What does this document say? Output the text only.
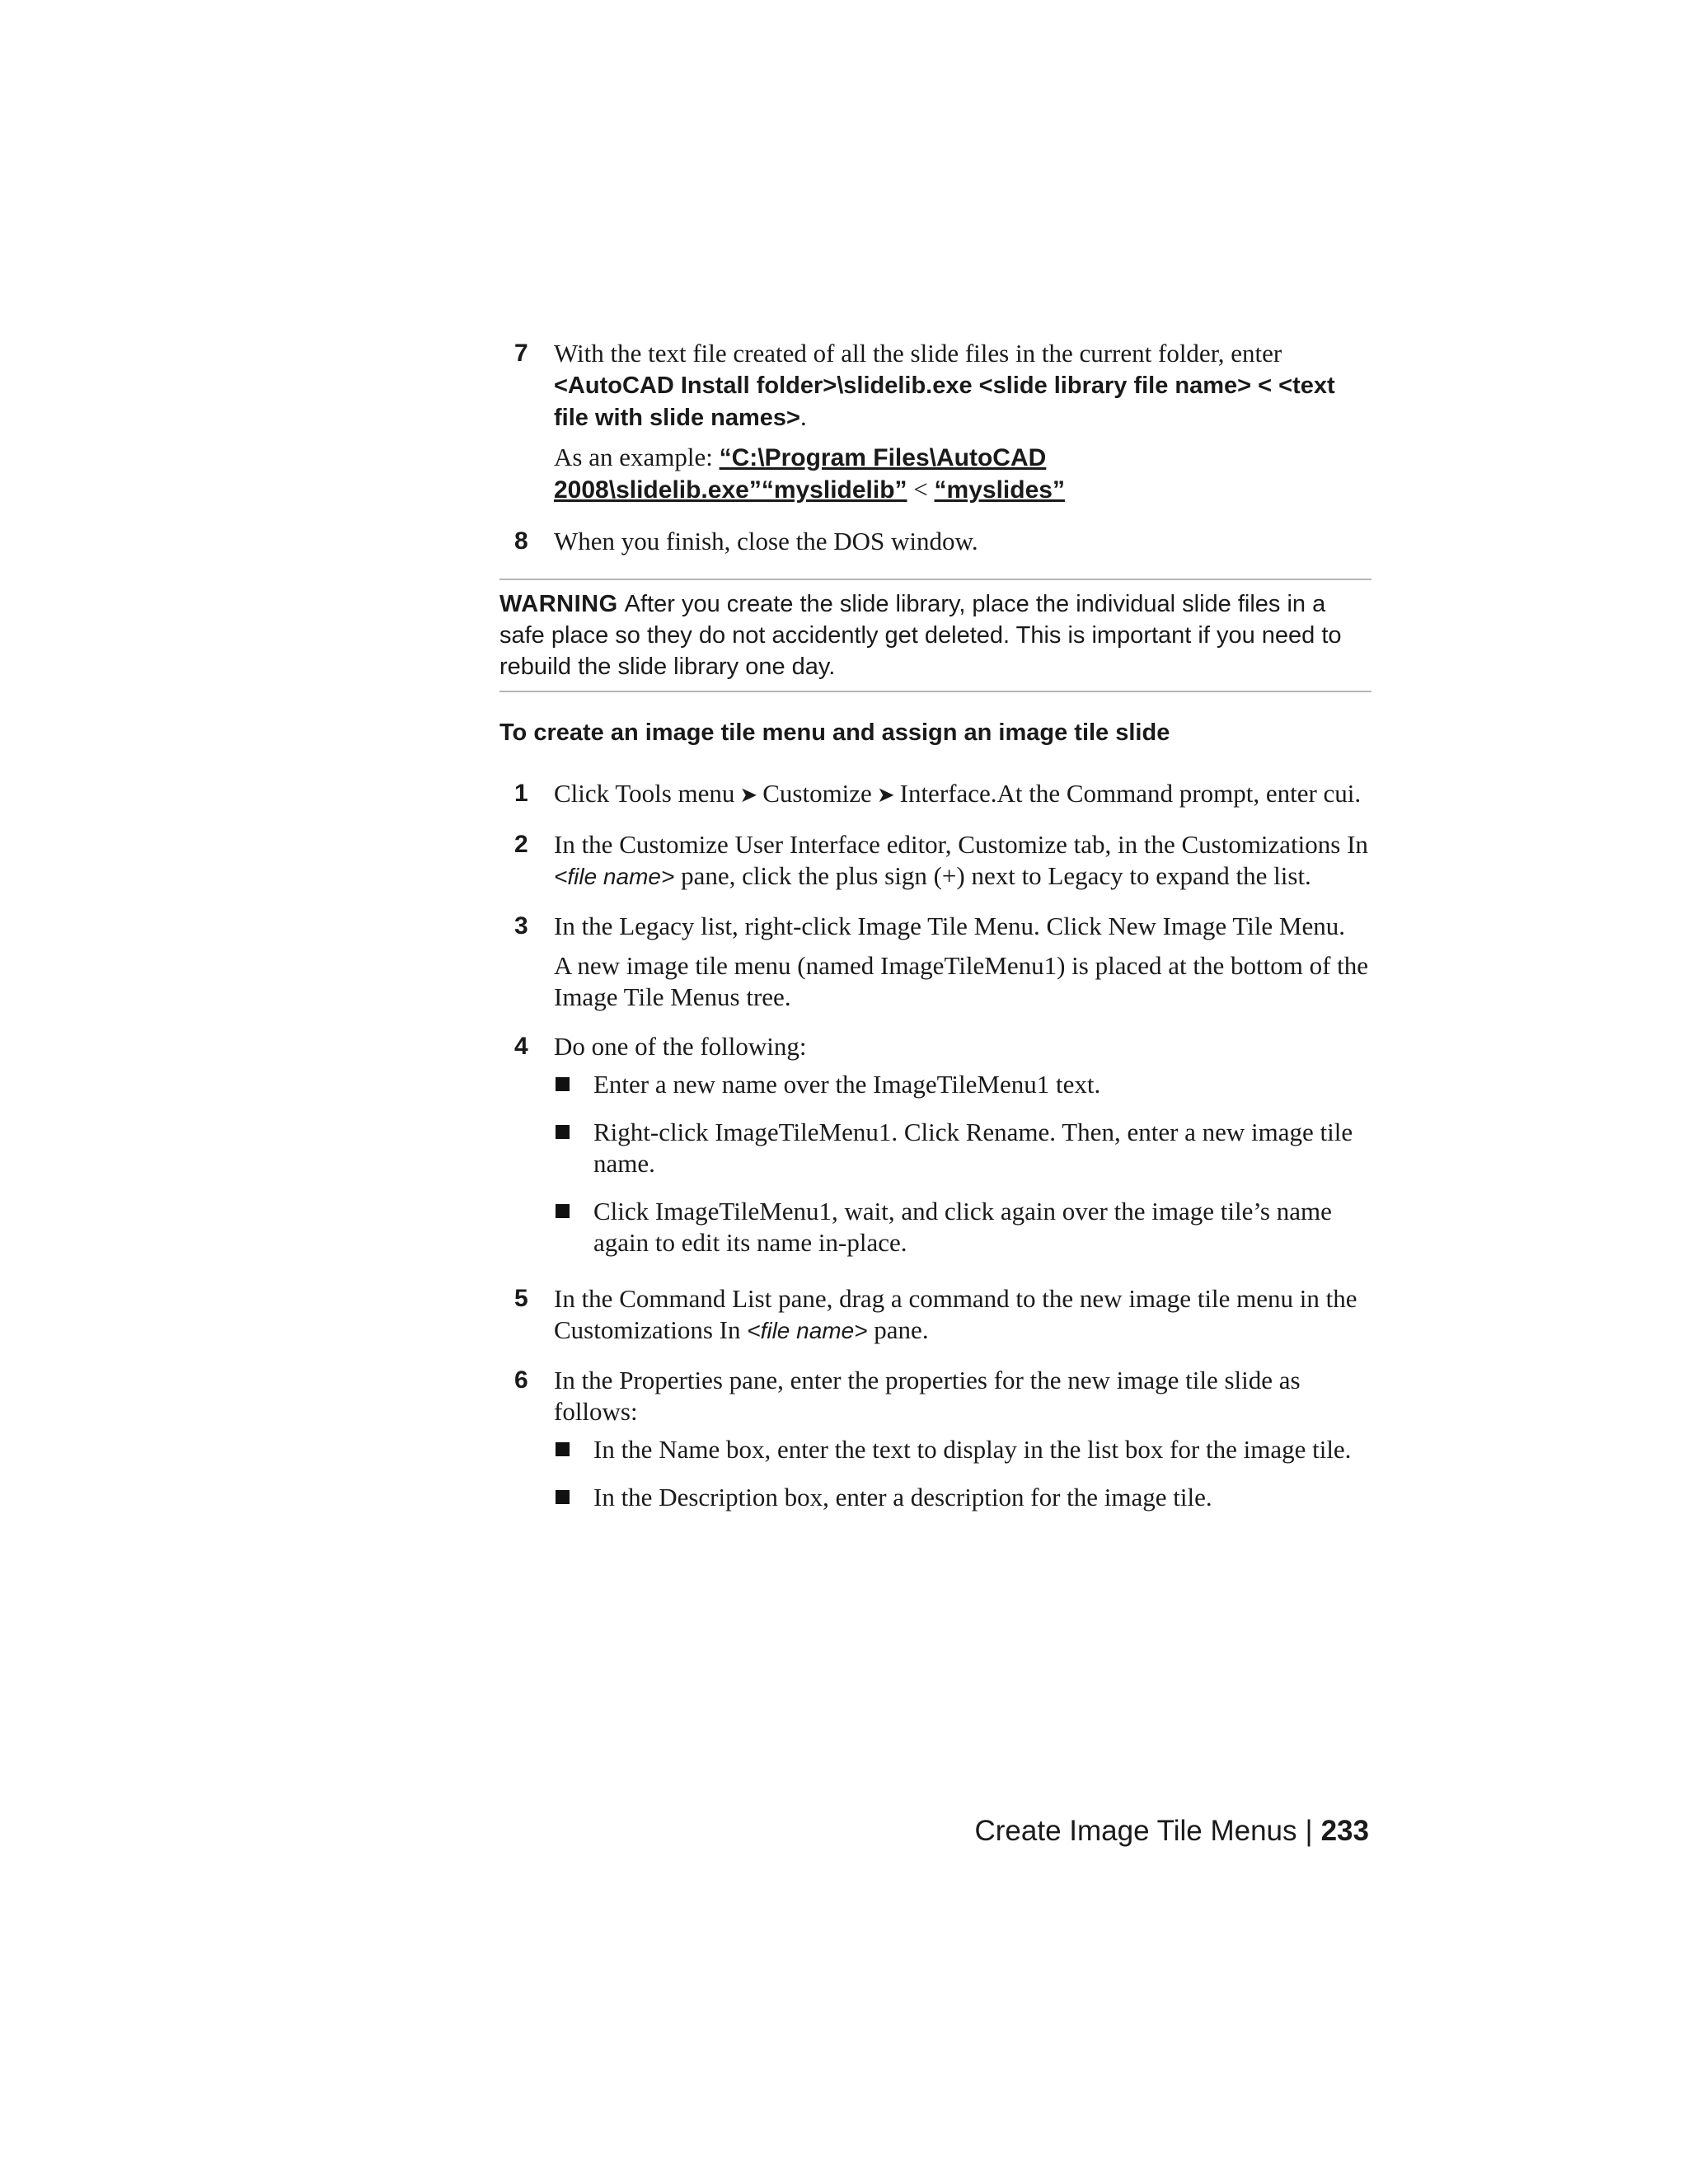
7 With the text file created of all the slide files in the current folder, enter <AutoCAD Install folder>\slidelib.exe <slide library file name> < <text file with slide names>.

As an example: “C:\Program Files\AutoCAD 2008\slidelib.exe”“myslidelib” < “myslides”

8 When you finish, close the DOS window.

WARNING After you create the slide library, place the individual slide files in a safe place so they do not accidently get deleted. This is important if you need to rebuild the slide library one day.
To create an image tile menu and assign an image tile slide
1 Click Tools menu ➤ Customize ➤ Interface.At the Command prompt, enter cui.

2 In the Customize User Interface editor, Customize tab, in the Customizations In <file name> pane, click the plus sign (+) next to Legacy to expand the list.

3 In the Legacy list, right-click Image Tile Menu. Click New Image Tile Menu.

A new image tile menu (named ImageTileMenu1) is placed at the bottom of the Image Tile Menus tree.

4 Do one of the following:

Enter a new name over the ImageTileMenu1 text.
Right-click ImageTileMenu1. Click Rename. Then, enter a new image tile name.
Click ImageTileMenu1, wait, and click again over the image tile’s name again to edit its name in-place.
5 In the Command List pane, drag a command to the new image tile menu in the Customizations In <file name> pane.

6 In the Properties pane, enter the properties for the new image tile slide as follows:

In the Name box, enter the text to display in the list box for the image tile.
In the Description box, enter a description for the image tile.
Create Image Tile Menus | 233
